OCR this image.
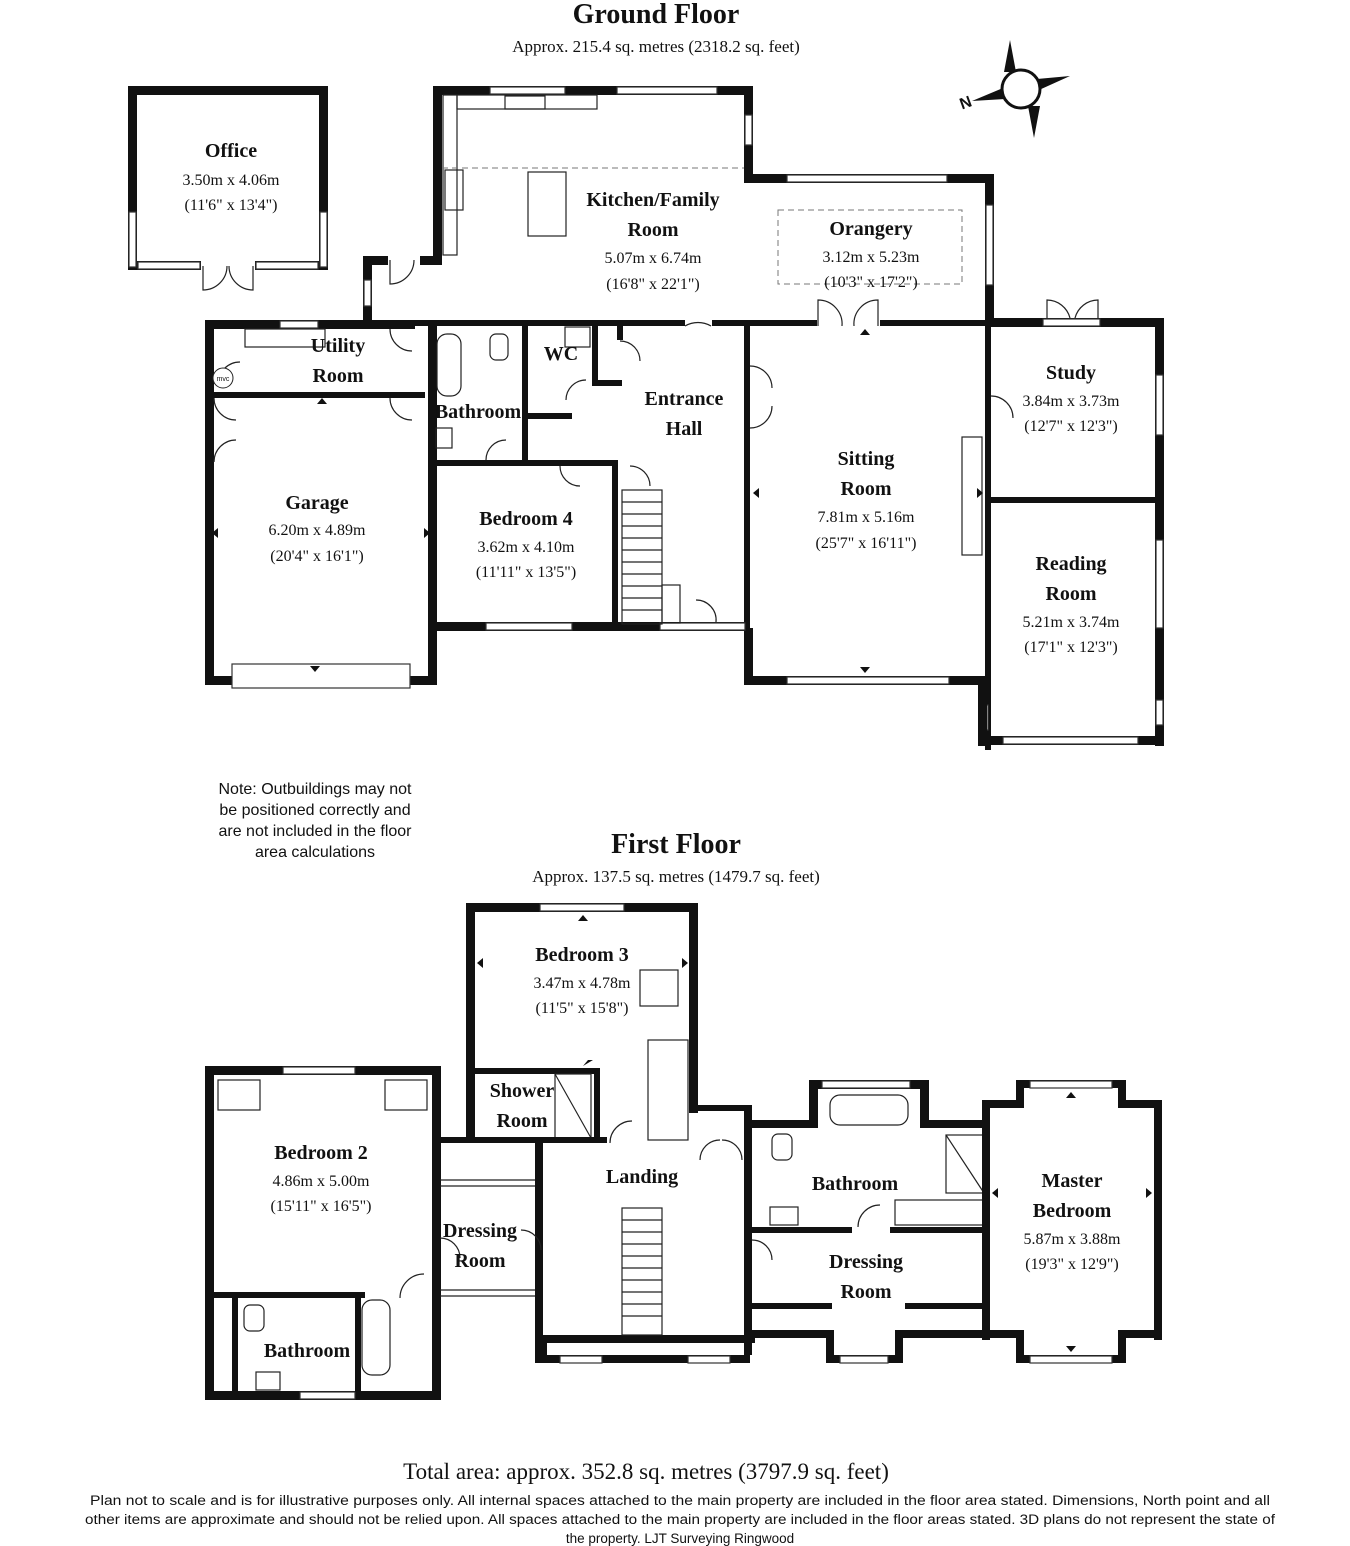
Ground Floor
Approx. 215.4 sq. metres (2318.2 sq. feet)
N
mvc
Office
3.50m x 4.06m
(11'6" x 13'4")	Kitchen/Family
Room
5.07m x 6.74m
(16'8" x 22'1")
Orangery
3.12m x 5.23m
(10'3" x 17'2")
Utility
Room
WC
Bathroom
Entrance
Hall
Study
3.84m x 3.73m
(12'7" x 12'3")
Sitting
Room
7.81m x 5.16m
(25'7" x 16'11")
Garage
6.20m x 4.89m
(20'4" x 16'1")
Bedroom 4
3.62m x 4.10m
(11'11" x 13'5")	Reading
Room
5.21m x 3.74m
(17'1" x 12'3")
Note: Outbuildings may not
be positioned correctly and
are not included in the floor
area calculations	First Floor
Approx. 137.5 sq. metres (1479.7 sq. feet)
Bedroom 3
3.47m x 4.78m
(11'5" x 15'8")
Shower
Room
Bedroom 2
4.86m x 5.00m
(15'11" x 16'5")
Landing	Bathroom	Master
Bedroom
5.87m x 3.88m
(19'3" x 12'9")
Dressing
Room	Dressing
Room
Bathroom
Total area: approx. 352.8 sq. metres (3797.9 sq. feet)
Plan not to scale and is for illustrative purposes only. All internal spaces attached to the main property are included in the floor area stated. Dimensions, North point and all
other items are approximate and should not be relied upon. All spaces attached to the main property are included in the floor areas stated. 3D plans do not represent the state of
the property. LJT Surveying Ringwood
